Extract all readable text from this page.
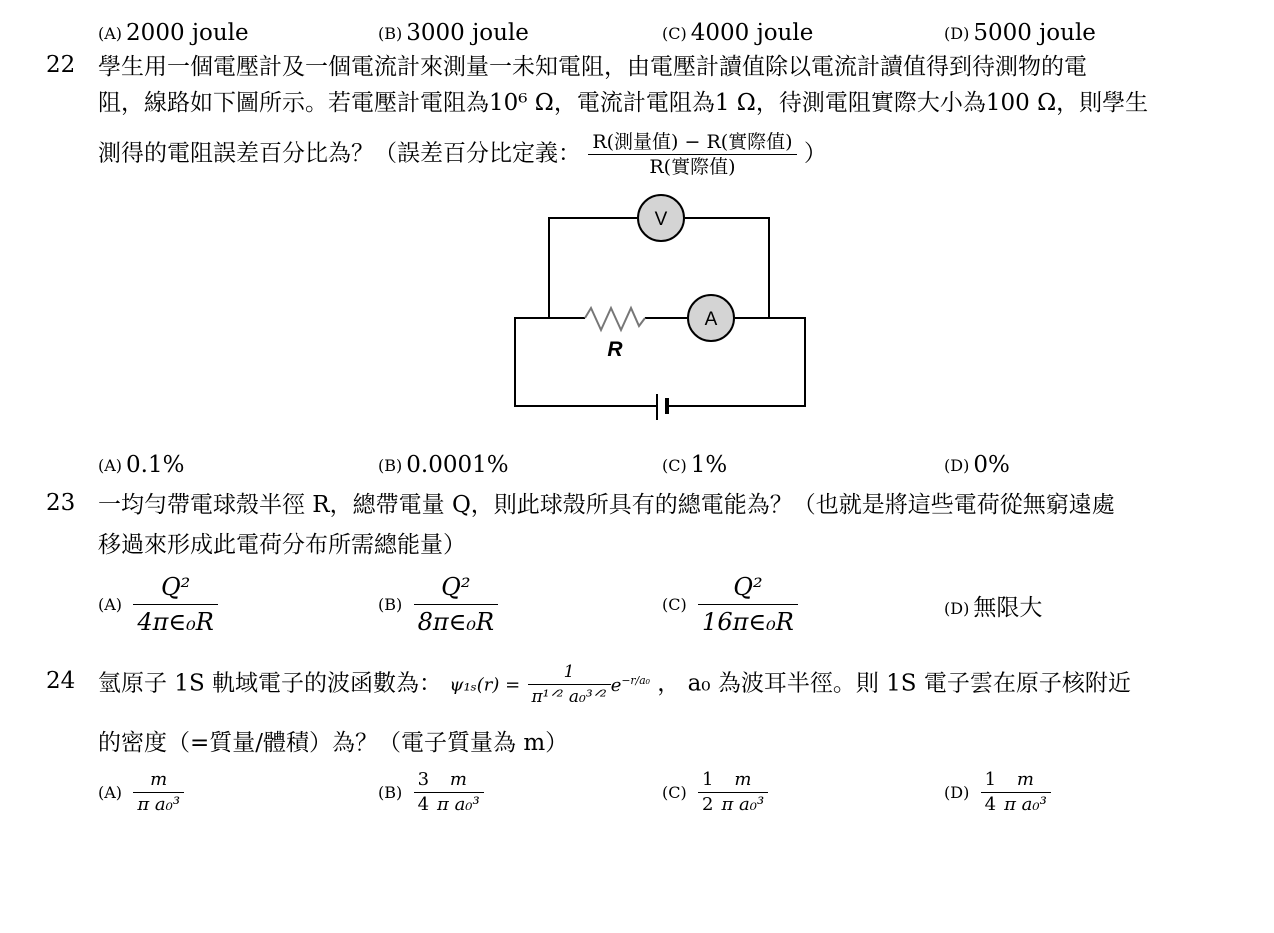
(A) 2000 joule	(B) 3000 joule	(C) 4000 joule	(D) 5000 joule
22 學生用一個電壓計及一個電流計來測量一未知電阻，由電壓計讀值除以電流計讀值得到待測物的電
阻，線路如下圖所示。若電壓計電阻為10⁶ Ω，電流計電阻為1 Ω，待測電阻實際大小為100 Ω，則學生
測得的電阻誤差百分比為？（誤差百分比定義： $\frac{\text{R(測量值) − R(實際值)}}{\text{R(實際值)}}$ ）
V
A
R
(A) 0.1%	(B) 0.0001%	(C) 1%	(D) 0%
23 一均勻帶電球殼半徑 R，總帶電量 Q，則此球殼所具有的總電能為？（也就是將這些電荷從無窮遠處
移過來形成此電荷分布所需總能量）
$(A) \frac{\text{Q²}}{\text{4π∈₀R}}$	$(B) \frac{\text{Q²}}{\text{8π∈₀R}}$	$(C) \frac{\text{Q²}}{\text{16π∈₀R}}$	(D) 無限大
24 氫原子 1S 軌域電子的波函數為： $\psi_{1s}(r) = \frac{1}{\text{π¹ᐟ² a₀³ᐟ²}} e^{-r/a_0}$ ， a₀ 為波耳半徑。則 1S 電子雲在原子核附近
的密度（=質量/體積）為？（電子質量為 m）
$(A) \frac{m}{\text{π a₀³}}$	$(B) \frac{3}{4} \frac{m}{\text{π a₀³}}$	$(C) \frac{1}{2} \frac{m}{\text{π a₀³}}$	$(D) \frac{1}{4} \frac{m}{\text{π a₀³}}$
